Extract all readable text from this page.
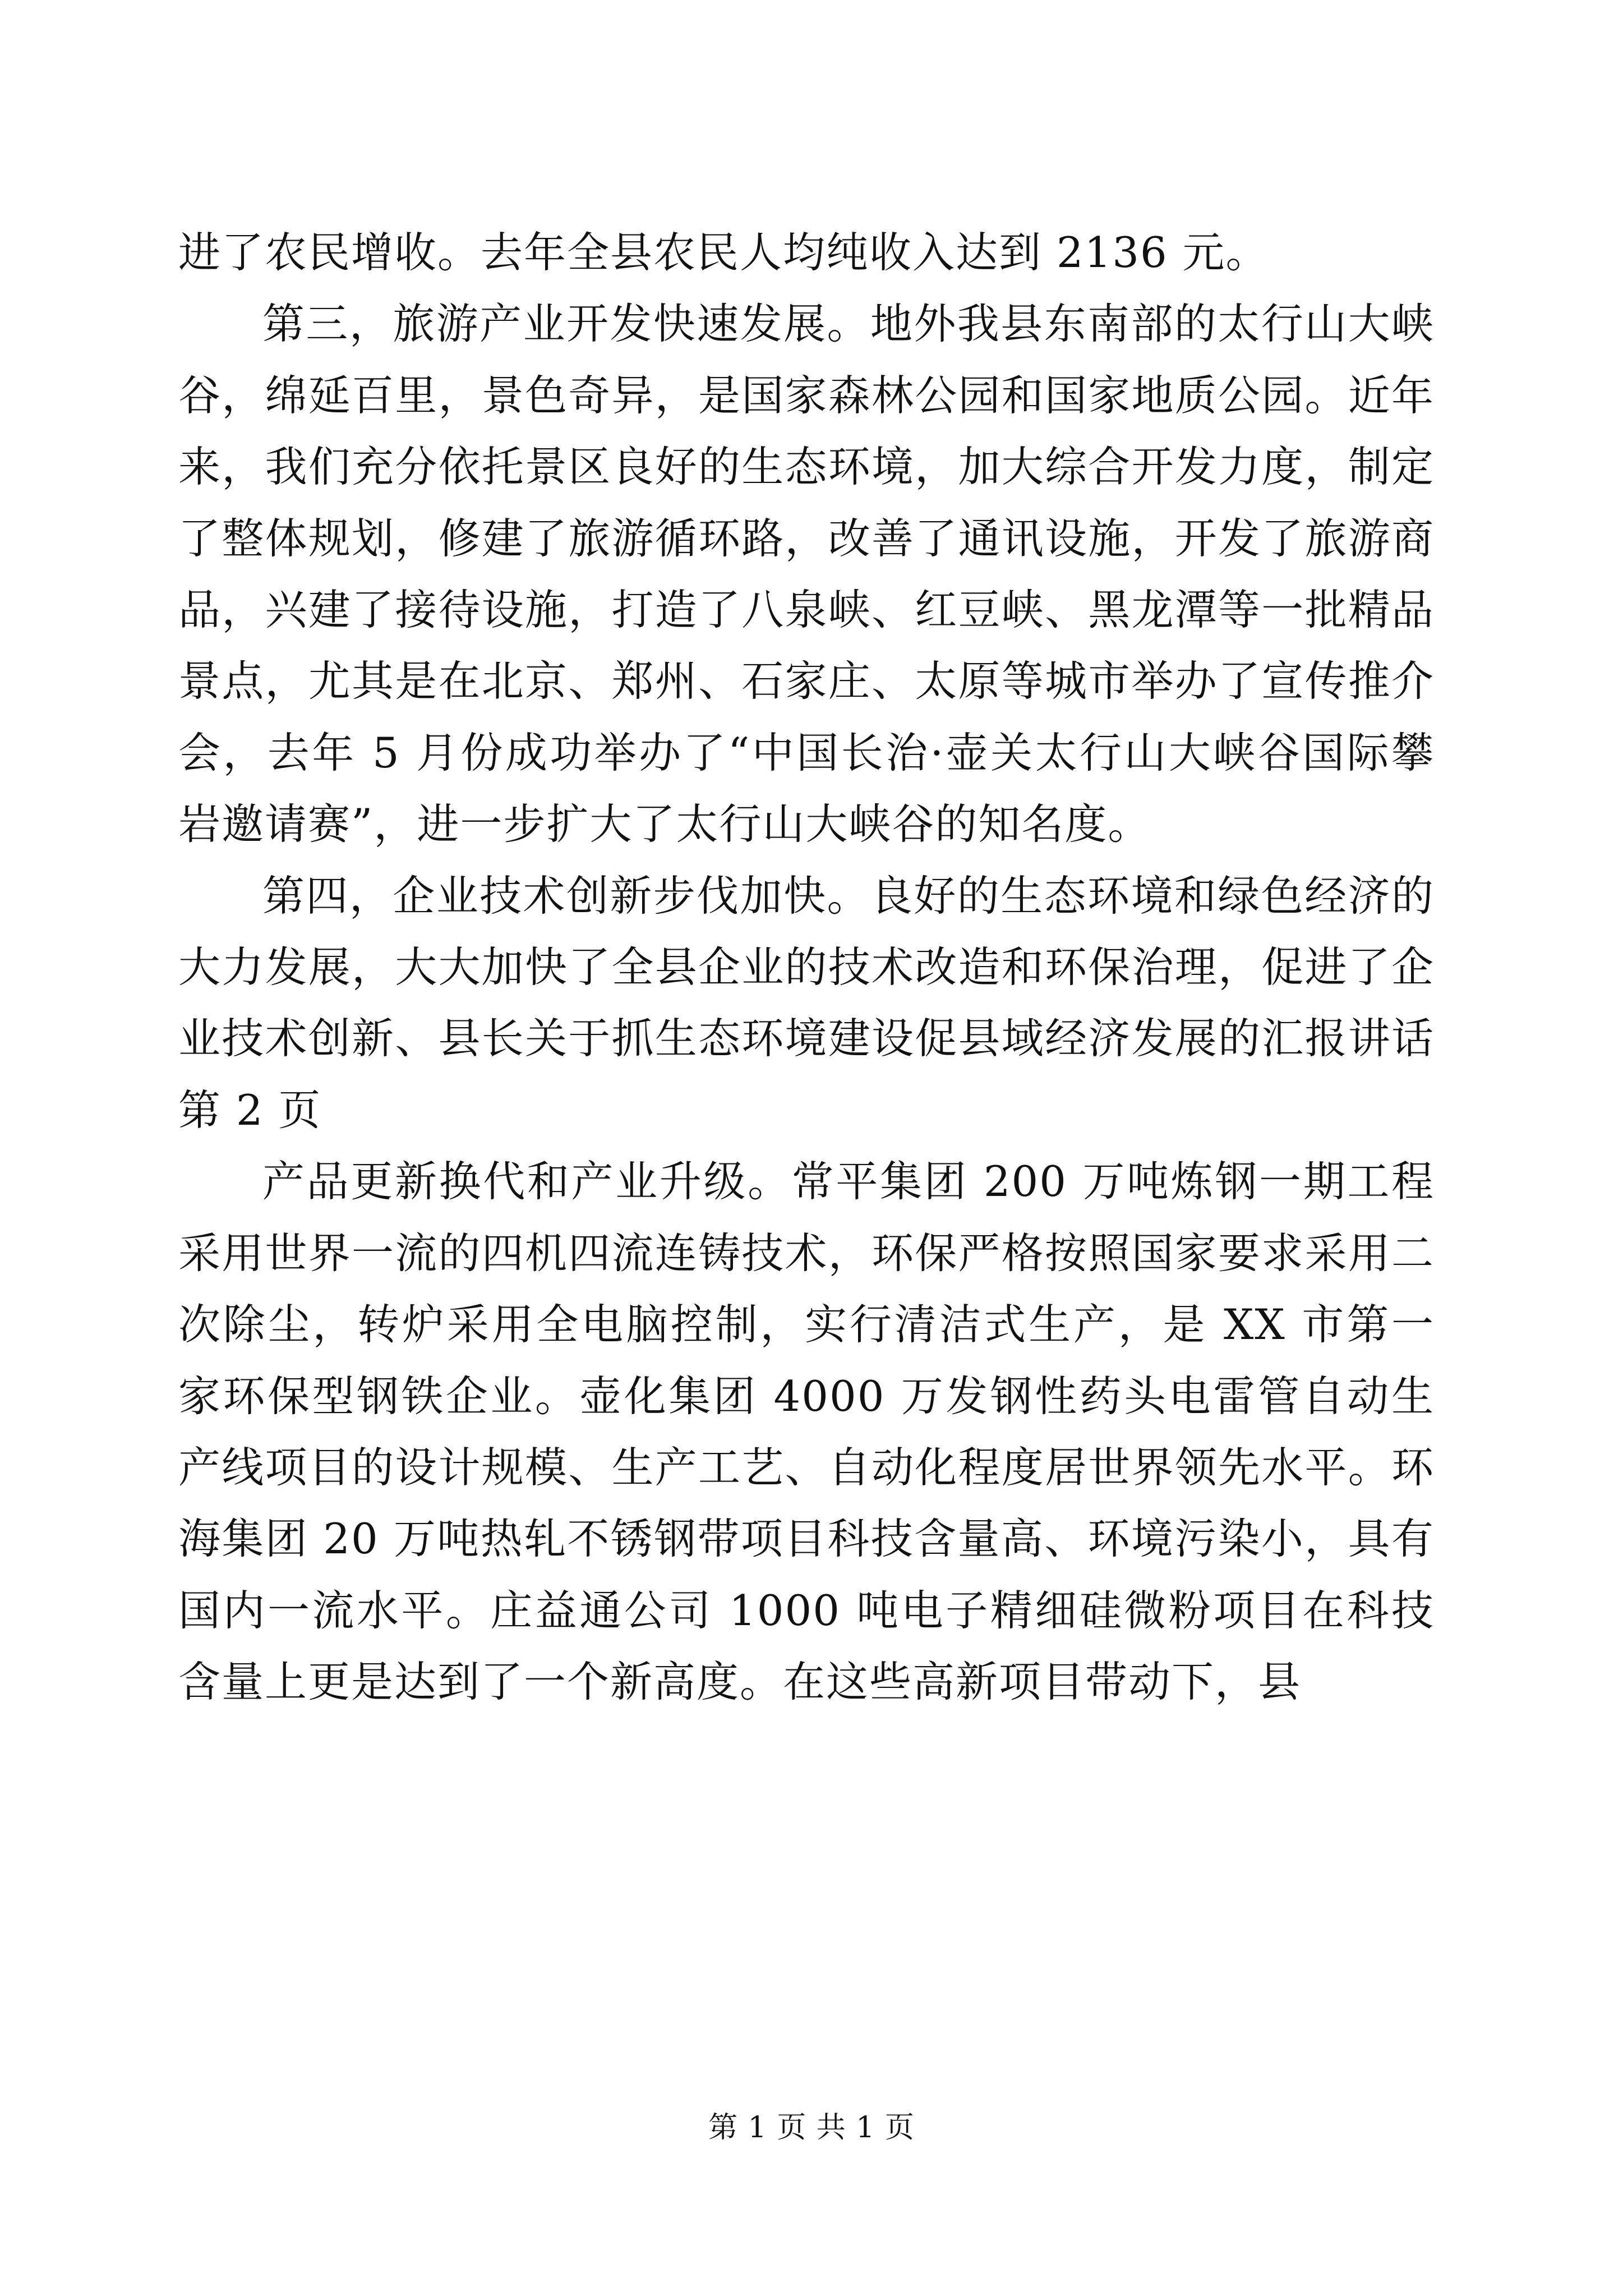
进了农民增收。去年全县农民人均纯收入达到 2136 元。

第三，旅游产业开发快速发展。地外我县东南部的太行山大峡谷，绵延百里，景色奇异，是国家森林公园和国家地质公园。近年来，我们充分依托景区良好的生态环境，加大综合开发力度，制定了整体规划，修建了旅游循环路，改善了通讯设施，开发了旅游商品，兴建了接待设施，打造了八泉峡、红豆峡、黑龙潭等一批精品景点，尤其是在北京、郑州、石家庄、太原等城市举办了宣传推介会，去年 5 月份成功举办了“中国长治·壶关太行山大峡谷国际攀岩邀请赛”，进一步扩大了太行山大峡谷的知名度。

第四，企业技术创新步伐加快。良好的生态环境和绿色经济的大力发展，大大加快了全县企业的技术改造和环保治理，促进了企业技术创新、县长关于抓生态环境建设促县域经济发展的汇报讲话第 2 页

产品更新换代和产业升级。常平集团 200 万吨炼钢一期工程采用世界一流的四机四流连铸技术，环保严格按照国家要求采用二次除尘，转炉采用全电脑控制，实行清洁式生产，是 XX 市第一家环保型钢铁企业。壶化集团 4000 万发钢性药头电雷管自动生产线项目的设计规模、生产工艺、自动化程度居世界领先水平。环海集团 20 万吨热轧不锈钢带项目科技含量高、环境污染小，具有国内一流水平。庄益通公司 1000 吨电子精细硅微粉项目在科技含量上更是达到了一个新高度。在这些高新项目带动下，县

第 1 页 共 1 页
